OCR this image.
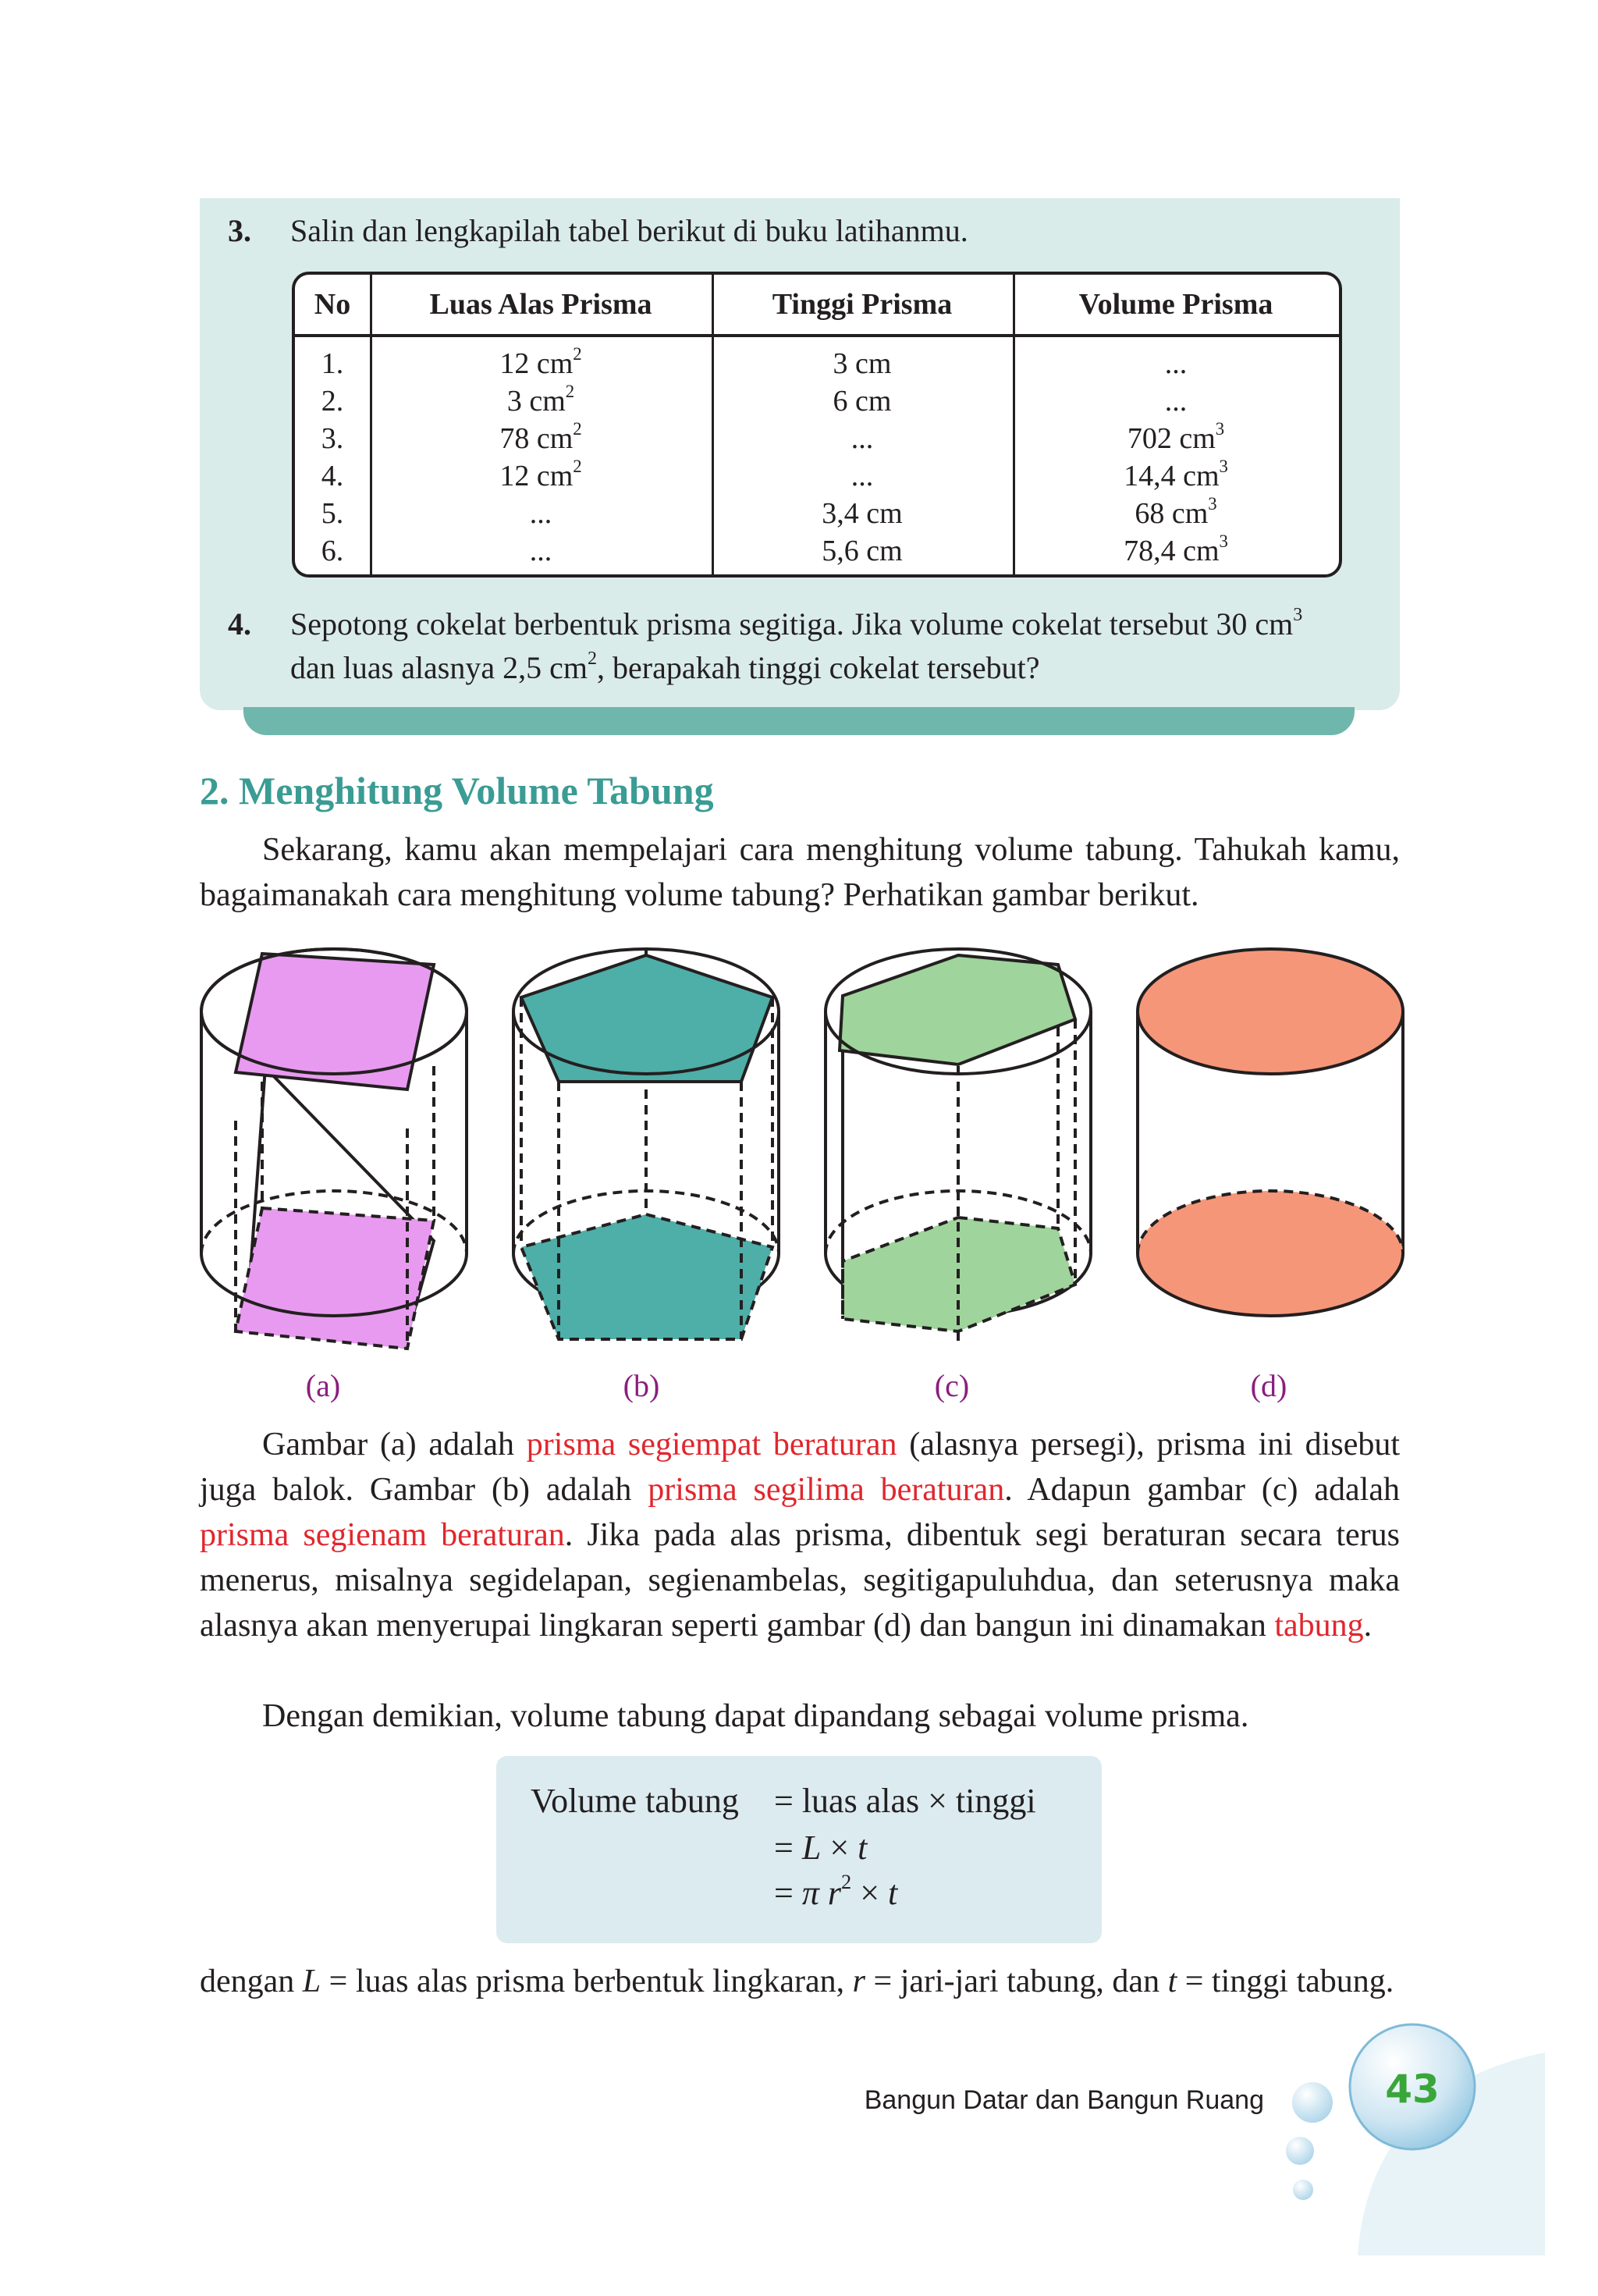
3. Salin dan lengkapilah tabel berikut di buku latihanmu.
No	Luas Alas Prisma	Tinggi Prisma	Volume Prisma
1.	12 $cm^2$	3 cm	...
2.	3 $cm^2$	6 cm	...
3.	78 $cm^2$	...	702 $cm^3$
4.	12 $cm^2$	...	14,4 $cm^3$
5.	...	3,4 cm	68 $cm^3$
6.	...	5,6 cm	78,4 $cm^3$
4. Sepotong cokelat berbentuk prisma segitiga. Jika volume cokelat tersebut 30 $cm^3$
dan luas alasnya 2,5 $cm^2$, berapakah tinggi cokelat tersebut?
2. Menghitung Volume Tabung
Sekarang, kamu akan mempelajari cara menghitung volume tabung. Tahukah kamu, bagaimanakah cara menghitung volume tabung? Perhatikan gambar berikut.
(a)	(b)	(c)	(d)
Gambar (a) adalah prisma segiempat beraturan (alasnya persegi), prisma ini disebut juga balok. Gambar (b) adalah prisma segilima beraturan. Adapun gambar (c) adalah prisma segienam beraturan. Jika pada alas prisma, dibentuk segi beraturan secara terus menerus, misalnya segidelapan, segienambelas, segitigapuluhdua, dan seterusnya maka alasnya akan menyerupai lingkaran seperti gambar (d) dan bangun ini dinamakan tabung.
Dengan demikian, volume tabung dapat dipandang sebagai volume prisma.
Volume tabung = luas alas × tinggi
= L × t
= π $r^2 \times t$
dengan L = luas alas prisma berbentuk lingkaran, r = jari-jari tabung, dan t = tinggi tabung.
Bangun Datar dan Bangun Ruang	43
